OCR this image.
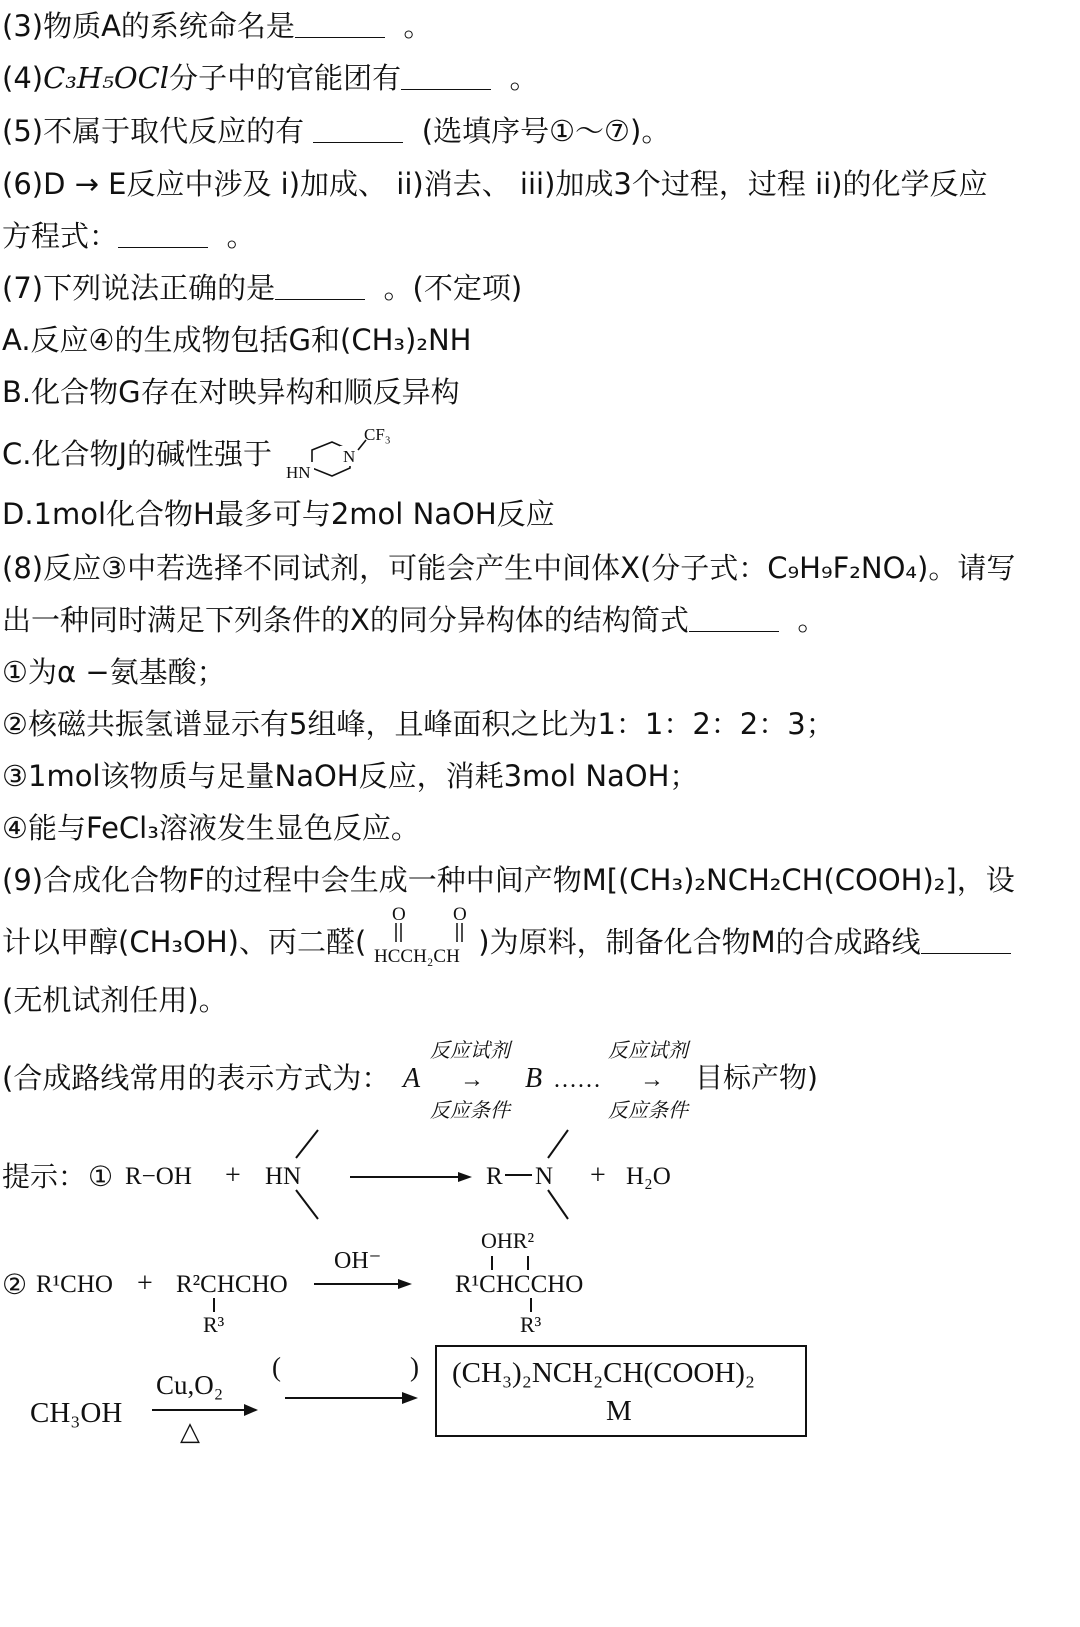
(3)物质A的系统命名是	。
(4)C₃H₅OCl分子中的官能团有	。
(5)不属于取代反应的有	(选填序号①～⑦)。
(6)D → E反应中涉及 i)加成、 ii)消去、 iii)加成3个过程，过程 ii)的化学反应
方程式：	。
(7)下列说法正确的是	。(不定项)
A.反应④的生成物包括G和(CH₃)₂NH
B.化合物G存在对映异构和顺反异构
C.化合物J的碱性强于	N
HN
CF₃
D.1mol化合物H最多可与2mol NaOH反应
(8)反应③中若选择不同试剂，可能会产生中间体X(分子式：C₉H₉F₂NO₄)。请写
出一种同时满足下列条件的X的同分异构体的结构简式	。
①为α −氨基酸；
②核磁共振氢谱显示有5组峰，且峰面积之比为1：1：2：2：3；
③1mol该物质与足量NaOH反应，消耗3mol NaOH；
④能与FeCl₃溶液发生显色反应。
(9)合成化合物F的过程中会生成一种中间产物M[(CH₃)₂NCH₂CH(COOH)₂]，设
计以甲醇(CH₃OH)、丙二醛(	)为原料，制备化合物M的合成路线
O O
HCCH₂CH
(无机试剂任用)。
(合成路线常用的表示方式为： A
反应试剂
→
反应条件
B ……
反应试剂
→
反应条件
目标产物)
提示： ① R−OH + HN	R N + H₂O
② R¹CHO + R²CHCHO
R³
OH⁻
OHR²
R¹CHCCHO
R³
CH₃OH
Cu,O₂
△
(	) (CH₃)₂NCH₂CH(COOH)₂
M
